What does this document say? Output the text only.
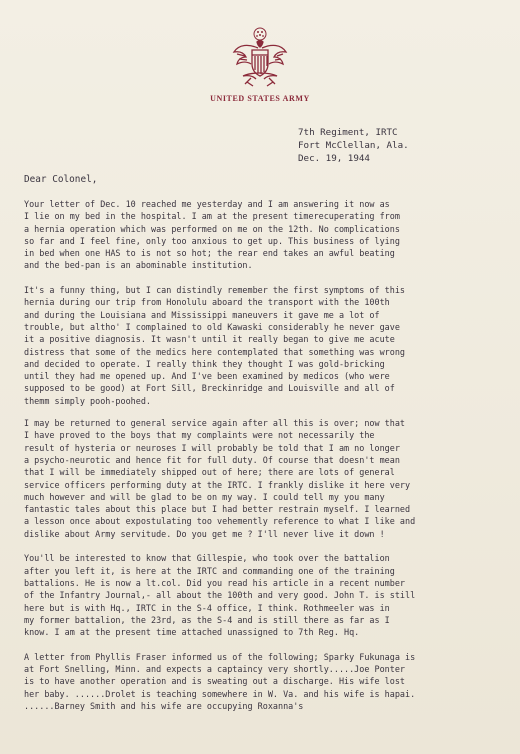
UNITED STATES ARMY
7th Regiment, IRTC
Fort McClellan, Ala.
Dec. 19, 1944
Dear Colonel,

Your letter of Dec. 10 reached me yesterday and I am answering it now as
I lie on my bed in the hospital. I am at the present timerecuperating from
a hernia operation which was performed on me on the 12th. No complications
so far and I feel fine, only too anxious to get up. This business of lying
in bed when one HAS to is not so hot; the rear end takes an awful beating
and the bed-pan is an abominable institution.

It's a funny thing, but I can distindly remember the first symptoms of this
hernia during our trip from Honolulu aboard the transport with the 100th
and during the Louisiana and Mississippi maneuvers it gave me a lot of
trouble, but altho' I complained to old Kawaski considerably he never gave
it a positive diagnosis. It wasn't until it really began to give me acute
distress that some of the medics here contemplated that something was wrong
and decided to operate. I really think they thought I was gold-bricking
until they had me opened up. And I've been examined by medicos (who were
supposed to be good) at Fort Sill, Breckinridge and Louisville and all of
themm simply pooh-poohed.

I may be returned to general service again after all this is over; now that
I have proved to the boys that my complaints were not necessarily the
result of hysteria or neuroses I will probably be told that I am no longer
a psycho-neurotic and hence fit for full duty. Of course that doesn't mean
that I will be immediately shipped out of here; there are lots of general
service officers performing duty at the IRTC. I frankly dislike it here very
much however and will be glad to be on my way. I could tell my you many
fantastic tales about this place but I had better restrain myself. I learned
a lesson once about expostulating too vehemently reference to what I like and
dislike about Army servitude. Do you get me ? I'll never live it down !

You'll be interested to know that Gillespie, who took over the battalion
after you left it, is here at the IRTC and commanding one of the training
battalions. He is now a lt.col. Did you read his article in a recent number
of the Infantry Journal,- all about the 100th and very good. John T. is still
here but is with Hq., IRTC in the S-4 office, I think. Rothmeeler was in
my former battalion, the 23rd, as the S-4 and is still there as far as I
know. I am at the present time attached unassigned to 7th Reg. Hq.

A letter from Phyllis Fraser informed us of the following; Sparky Fukunaga is
at Fort Snelling, Minn. and expects a captaincy very shortly.....Joe Ponter
is to have another operation and is sweating out a discharge. His wife lost
her baby. ......Drolet is teaching somewhere in W. Va. and his wife is hapai.
......Barney Smith and his wife are occupying Roxanna's
